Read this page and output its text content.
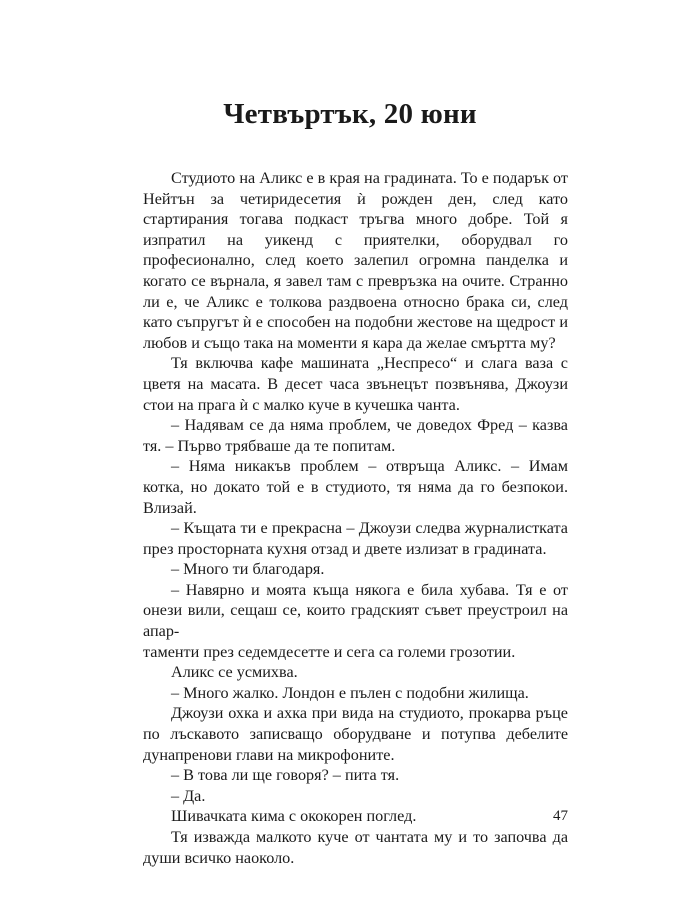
Четвъртък, 20 юни

Студиото на Аликс е в края на градината. То е подарък от Нейтън за четиридесетия ѝ рожден ден, след като стартирания тогава подкаст тръгва много добре. Той я изпратил на уикенд с приятелки, оборудвал го професионално, след което залепил огромна панделка и когато се върнала, я завел там с превръзка на очите. Странно ли е, че Аликс е толкова раздвоена относно брака си, след като съпругът ѝ е способен на подобни жестове на щедрост и любов и също така на моменти я кара да желае смъртта му?

Тя включва кафе машината „Неспресо“ и слага ваза с цветя на масата. В десет часа звънецът позвънява, Джоузи стои на прага ѝ с малко куче в кучешка чанта.

– Надявам се да няма проблем, че доведох Фред – казва тя. – Първо трябваше да те попитам.

– Няма никакъв проблем – отвръща Аликс. – Имам котка, но докато той е в студиото, тя няма да го безпокои. Влизай.

– Къщата ти е прекрасна – Джоузи следва журналистката през просторната кухня отзад и двете излизат в градината.

– Много ти благодаря.

– Навярно и моята къща някога е била хубава. Тя е от онези вили, сещаш се, които градският съвет преустроил на апар-
таменти през седемдесетте и сега са големи грозотии.

Аликс се усмихва.

– Много жалко. Лондон е пълен с подобни жилища.

Джоузи охка и ахка при вида на студиото, прокарва ръце по лъскавото записващо оборудване и потупва дебелите дунапренови глави на микрофоните.

– В това ли ще говоря? – пита тя.

– Да.

Шивачката кима с ококорен поглед.

Тя изважда малкото куче от чантата му и то започва да души всичко наоколо.

47
